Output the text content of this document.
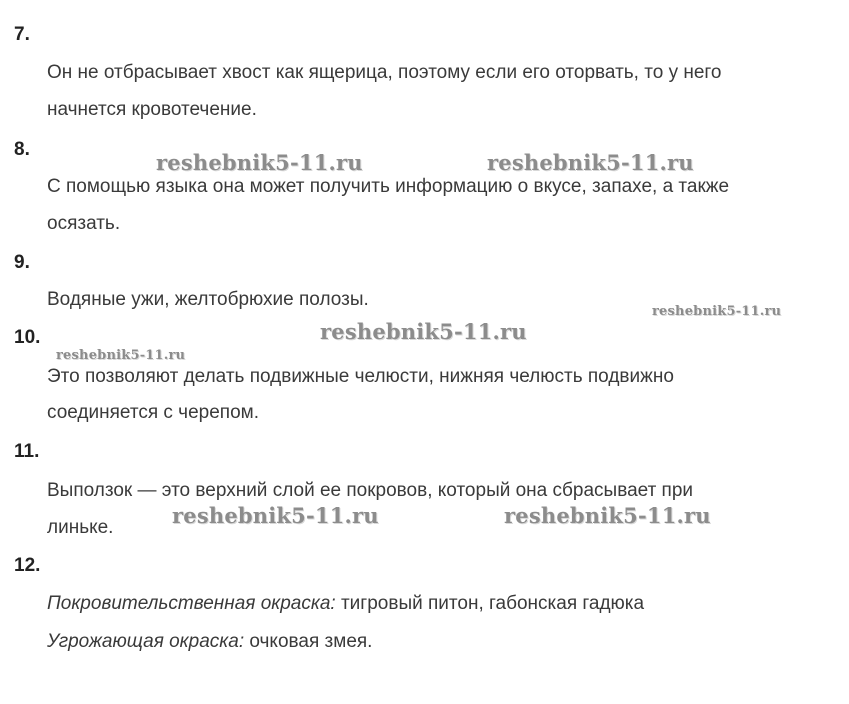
7.
Он не отбрасывает хвост как ящерица, поэтому если его оторвать, то у него
начнется кровотечение.
8.
С помощью языка она может получить информацию о вкусе, запахе, а также
осязать.
9.
Водяные ужи, желтобрюхие полозы.
10.
Это позволяют делать подвижные челюсти, нижняя челюсть подвижно
соединяется с черепом.
11.
Выползок — это верхний слой ее покровов, который она сбрасывает при
линьке.
12.
Покровительственная окраска: тигровый питон, габонская гадюка
Угрожающая окраска: очковая змея.
reshebnik5-11.ru	reshebnik5-11.ru
reshebnik5-11.ru
reshebnik5-11.ru
reshebnik5-11.ru
reshebnik5-11.ru	reshebnik5-11.ru
